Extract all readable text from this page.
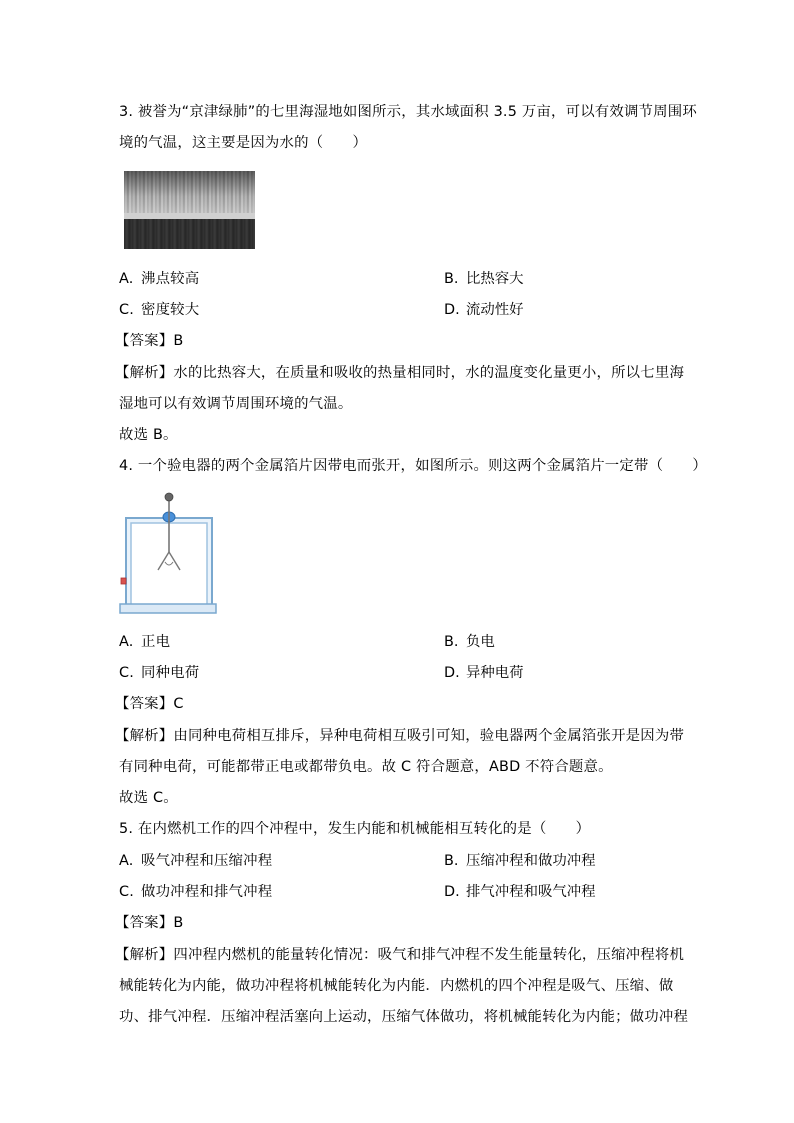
3. 被誉为“京津绿肺”的七里海湿地如图所示，其水域面积 3.5 万亩，可以有效调节周围环
境的气温，这主要是因为水的（　　）
A. 沸点较高	B. 比热容大
C. 密度较大	D. 流动性好
【答案】B
【解析】水的比热容大，在质量和吸收的热量相同时，水的温度变化量更小，所以七里海
湿地可以有效调节周围环境的气温。
故选 B。
4. 一个验电器的两个金属箔片因带电而张开，如图所示。则这两个金属箔片一定带（　　）
A. 正电	B. 负电
C. 同种电荷	D. 异种电荷
【答案】C
【解析】由同种电荷相互排斥，异种电荷相互吸引可知，验电器两个金属箔张开是因为带
有同种电荷，可能都带正电或都带负电。故 C 符合题意，ABD 不符合题意。
故选 C。
5. 在内燃机工作的四个冲程中，发生内能和机械能相互转化的是（　　）
A. 吸气冲程和压缩冲程	B. 压缩冲程和做功冲程
C. 做功冲程和排气冲程	D. 排气冲程和吸气冲程
【答案】B
【解析】四冲程内燃机的能量转化情况：吸气和排气冲程不发生能量转化，压缩冲程将机
械能转化为内能，做功冲程将机械能转化为内能．内燃机的四个冲程是吸气、压缩、做
功、排气冲程．压缩冲程活塞向上运动，压缩气体做功，将机械能转化为内能；做功冲程
